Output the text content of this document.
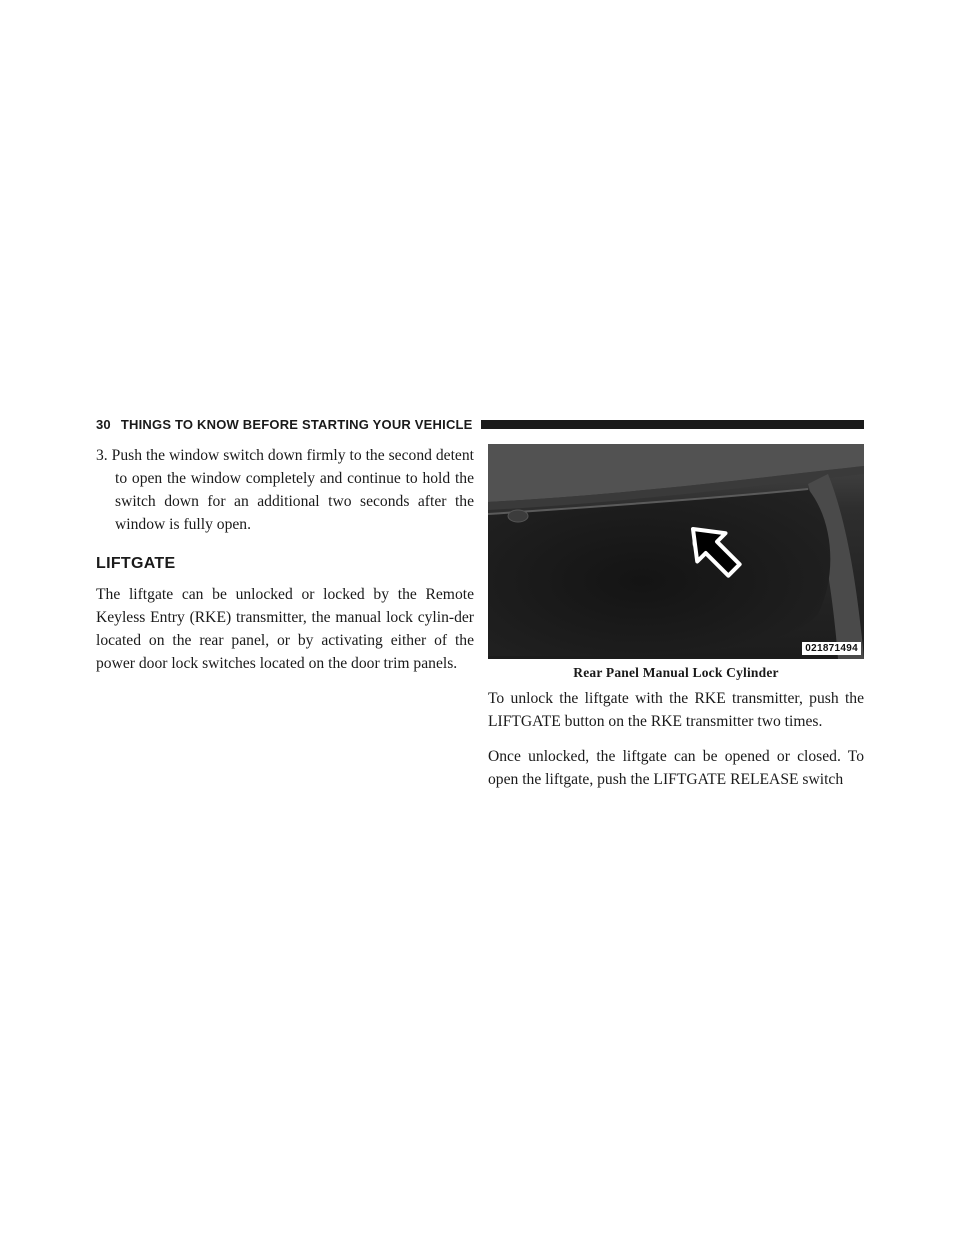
30 THINGS TO KNOW BEFORE STARTING YOUR VEHICLE

3. Push the window switch down firmly to the second detent to open the window completely and continue to hold the switch down for an additional two seconds after the window is fully open.

LIFTGATE

The liftgate can be unlocked or locked by the Remote Keyless Entry (RKE) transmitter, the manual lock cylin-der located on the rear panel, or by activating either of the power door lock switches located on the door trim panels.

021871494
Rear Panel Manual Lock Cylinder

To unlock the liftgate with the RKE transmitter, push the LIFTGATE button on the RKE transmitter two times.

Once unlocked, the liftgate can be opened or closed. To open the liftgate, push the LIFTGATE RELEASE switch
